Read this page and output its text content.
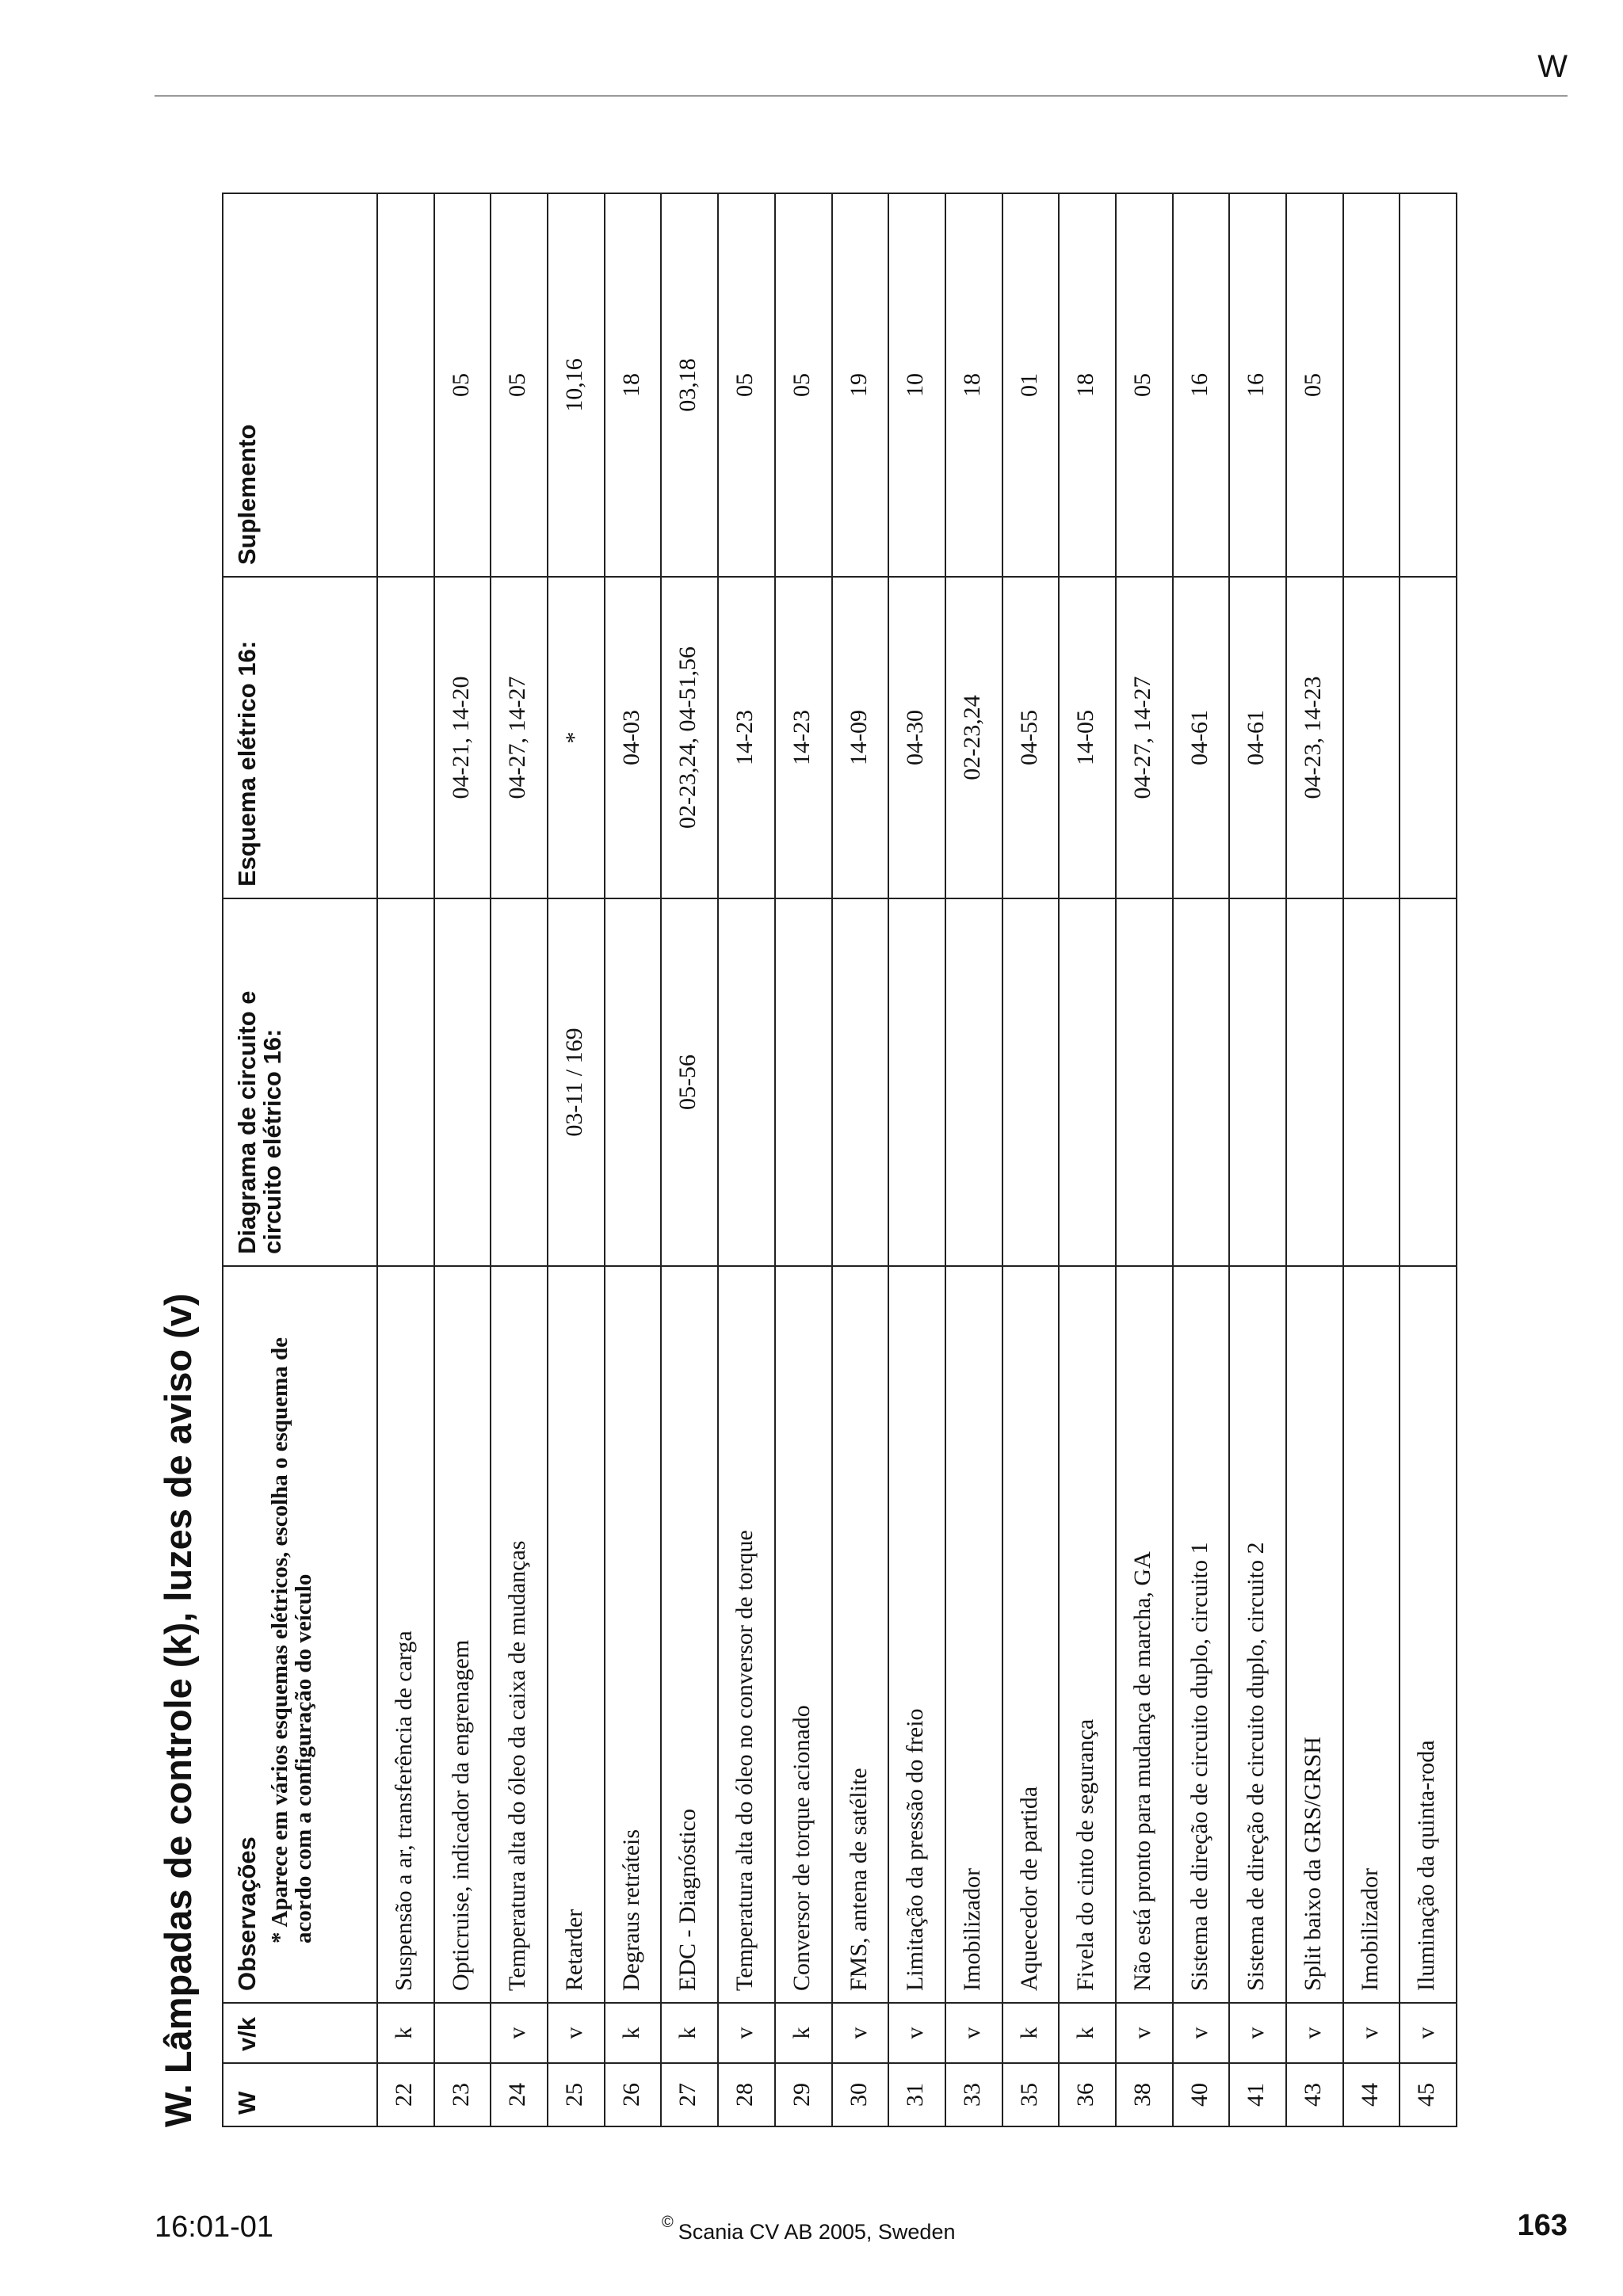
W
W. Lâmpadas de controle (k), luzes de aviso (v) W	v/k	Observações *Aparece em vários esquemas elétricos, escolha o esquema de acordo com a configuração do veículo	Diagrama de circuito e circuito elétrico 16:	Esquema elétrico 16:	Suplemento
22	k	Suspensão a ar, transferência de carga			
23		Opticruise, indicador da engrenagem		04-21, 14-20	05
24	v	Temperatura alta do óleo da caixa de mudanças		04-27, 14-27	05
25	v	Retarder	03-11 / 169	*	10,16
26	k	Degraus retráteis		04-03	18
27	k	EDC - Diagnóstico	05-56	02-23,24, 04-51,56	03,18
28	v	Temperatura alta do óleo no conversor de torque		14-23	05
29	k	Conversor de torque acionado		14-23	05
30	v	FMS, antena de satélite		14-09	19
31	v	Limitação da pressão do freio		04-30	10
33	v	Imobilizador		02-23,24	18
35	k	Aquecedor de partida		04-55	01
36	k	Fivela do cinto de segurança		14-05	18
38	v	Não está pronto para mudança de marcha, GA		04-27, 14-27	05
40	v	Sistema de direção de circuito duplo, circuito 1		04-61	16
41	v	Sistema de direção de circuito duplo, circuito 2		04-61	16
43	v	Split baixo da GRS/GRSH		04-23, 14-23	05
44	v	Imobilizador			
45	v	Iluminação da quinta-roda			
16:01-01	© Scania CV AB 2005, Sweden	163
